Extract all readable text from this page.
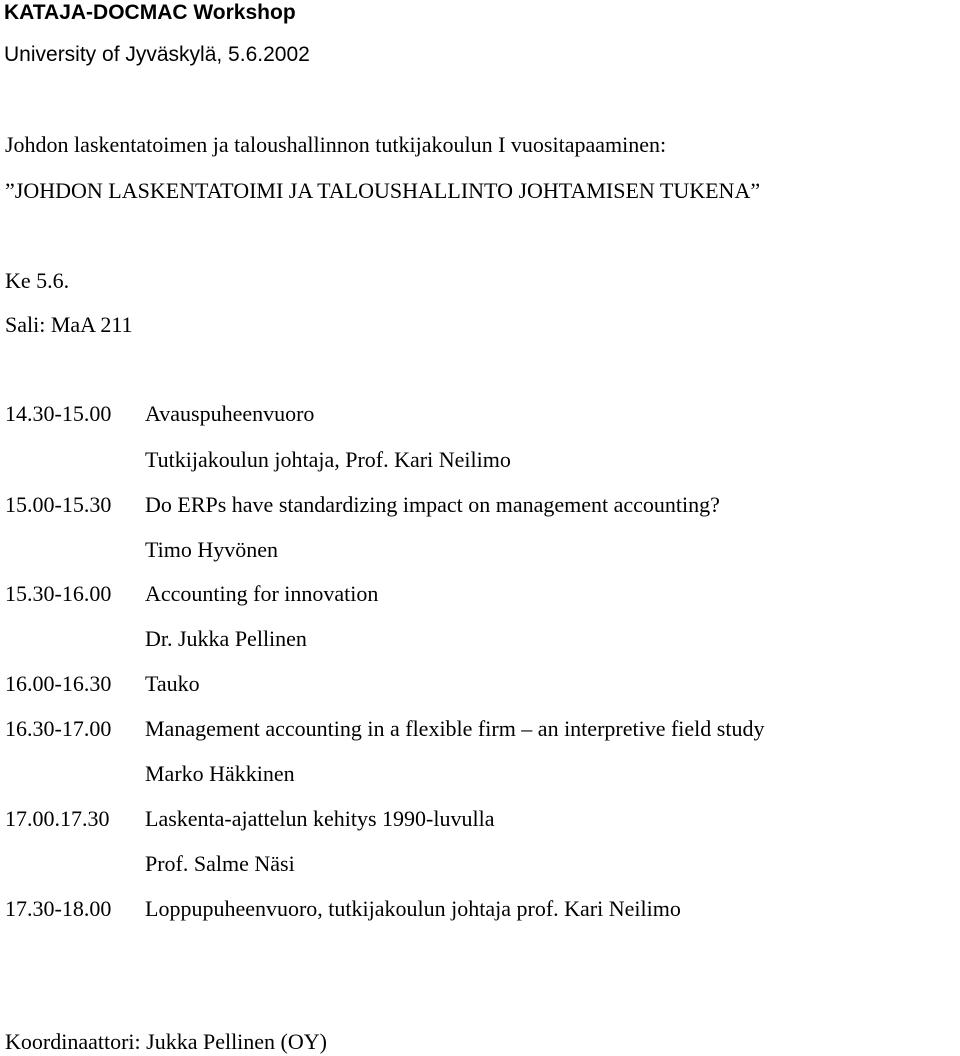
KATAJA-DOCMAC Workshop
University of Jyväskylä, 5.6.2002
Johdon laskentatoimen ja taloushallinnon tutkijakoulun I vuositapaaminen:
”JOHDON LASKENTATOIMI JA TALOUSHALLINTO JOHTAMISEN TUKENA”
Ke 5.6.
Sali: MaA 211
14.30-15.00 Avauspuheenvuoro
Tutkijakoulun johtaja, Prof. Kari Neilimo
15.00-15.30 Do ERPs have standardizing impact on management accounting?
Timo Hyvönen
15.30-16.00 Accounting for innovation
Dr. Jukka Pellinen
16.00-16.30 Tauko
16.30-17.00 Management accounting in a flexible firm – an interpretive field study
Marko Häkkinen
17.00.17.30 Laskenta-ajattelun kehitys 1990-luvulla
Prof. Salme Näsi
17.30-18.00 Loppupuheenvuoro, tutkijakoulun johtaja prof. Kari Neilimo
Koordinaattori: Jukka Pellinen (OY)
